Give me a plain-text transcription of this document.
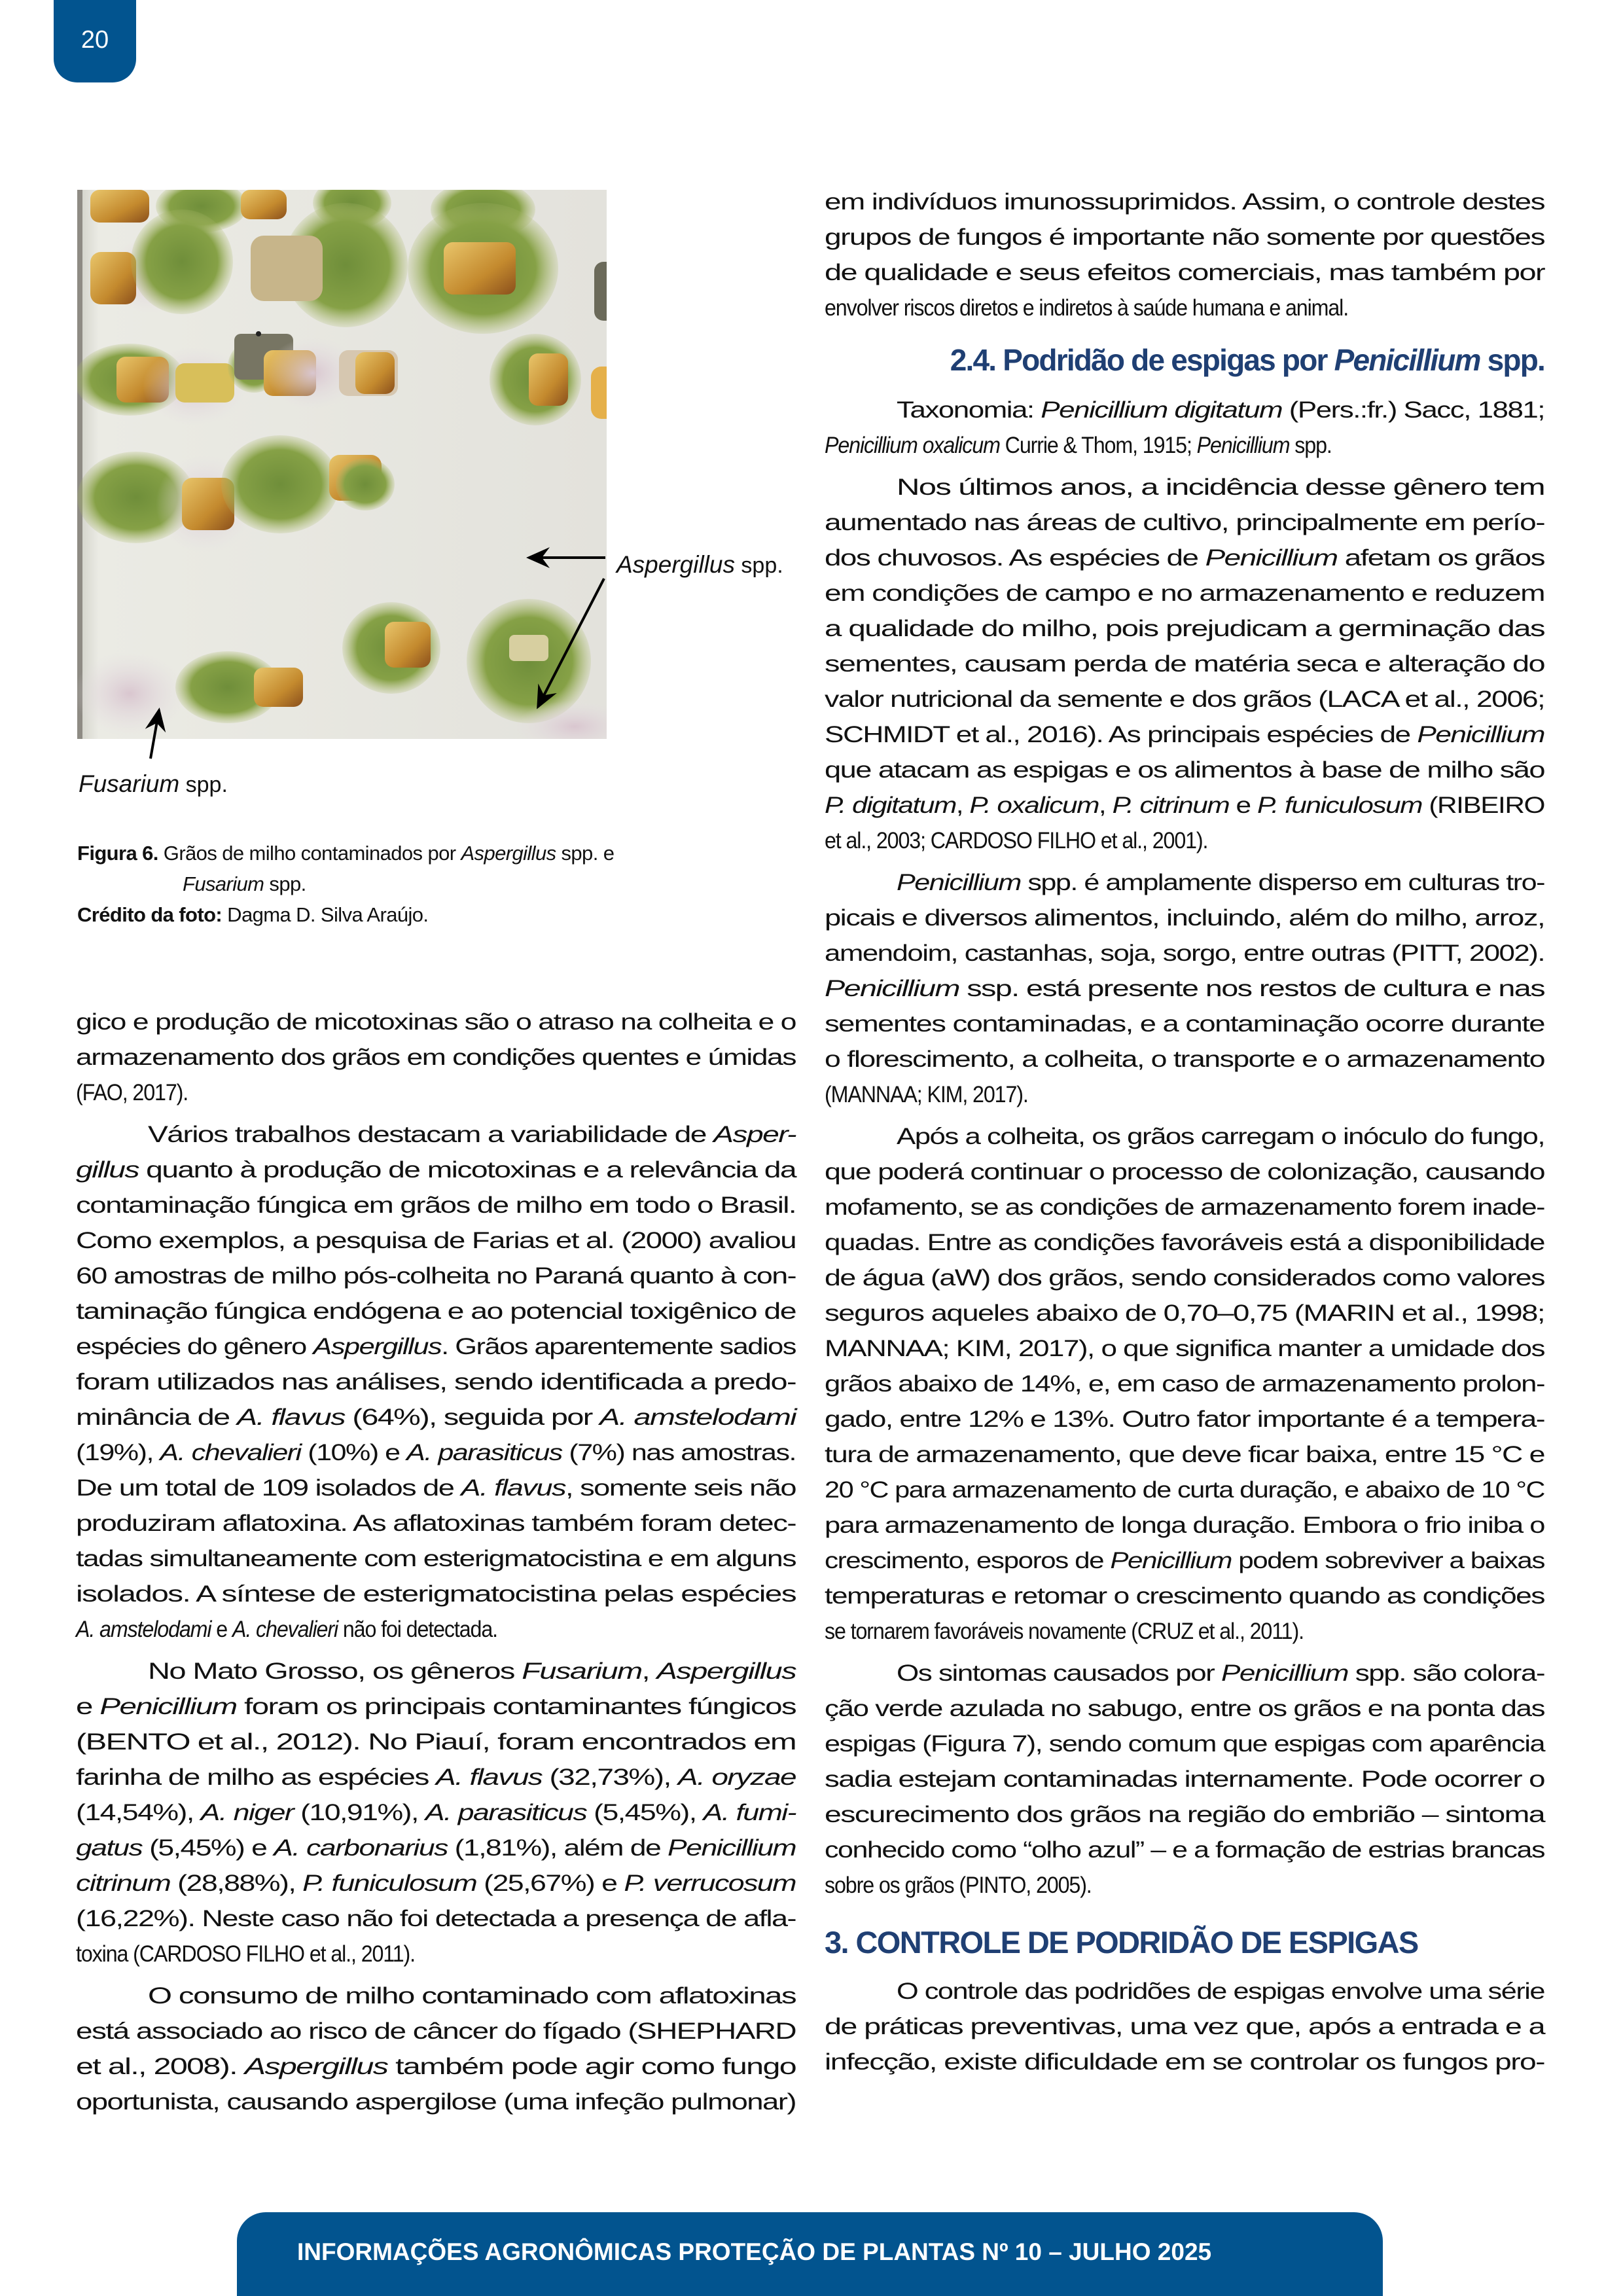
20
Aspergillus spp.
Fusarium spp.
Figura 6. Grãos de milho contaminados por Aspergillus spp. e
Fusarium spp.
Crédito da foto: Dagma D. Silva Araújo.
gico e produção de micotoxinas são o atraso na colheita e o
armazenamento dos grãos em condições quentes e úmidas
(FAO, 2017).
Vários trabalhos destacam a variabilidade de Asper-
gillus quanto à produção de micotoxinas e a relevância da
contaminação fúngica em grãos de milho em todo o Brasil.
Como exemplos, a pesquisa de Farias et al. (2000) avaliou
60 amostras de milho pós-colheita no Paraná quanto à con-
taminação fúngica endógena e ao potencial toxigênico de
espécies do gênero Aspergillus. Grãos aparentemente sadios
foram utilizados nas análises, sendo identificada a predo-
minância de A. flavus (64%), seguida por A. amstelodami
(19%), A. chevalieri (10%) e A. parasiticus (7%) nas amostras.
De um total de 109 isolados de A. flavus, somente seis não
produziram aflatoxina. As aflatoxinas também foram detec-
tadas simultaneamente com esterigmatocistina e em alguns
isolados. A síntese de esterigmatocistina pelas espécies
A. amstelodami e A. chevalieri não foi detectada.
No Mato Grosso, os gêneros Fusarium, Aspergillus
e Penicillium foram os principais contaminantes fúngicos
(BENTO et al., 2012). No Piauí, foram encontrados em
farinha de milho as espécies A. flavus (32,73%), A. oryzae
(14,54%), A. niger (10,91%), A. parasiticus (5,45%), A. fumi-
gatus (5,45%) e A. carbonarius (1,81%), além de Penicillium
citrinum (28,88%), P. funiculosum (25,67%) e P. verrucosum
(16,22%). Neste caso não foi detectada a presença de afla-
toxina (CARDOSO FILHO et al., 2011).
O consumo de milho contaminado com aflatoxinas
está associado ao risco de câncer do fígado (SHEPHARD
et al., 2008). Aspergillus também pode agir como fungo
oportunista, causando aspergilose (uma infeção pulmonar)
em indivíduos imunossuprimidos. Assim, o controle destes
grupos de fungos é importante não somente por questões
de qualidade e seus efeitos comerciais, mas também por
envolver riscos diretos e indiretos à saúde humana e animal.
2.4. Podridão de espigas por Penicillium spp.
Taxonomia: Penicillium digitatum (Pers.:fr.) Sacc, 1881;
Penicillium oxalicum Currie & Thom, 1915; Penicillium spp.
Nos últimos anos, a incidência desse gênero tem
aumentado nas áreas de cultivo, principalmente em perío-
dos chuvosos. As espécies de Penicillium afetam os grãos
em condições de campo e no armazenamento e reduzem
a qualidade do milho, pois prejudicam a germinação das
sementes, causam perda de matéria seca e alteração do
valor nutricional da semente e dos grãos (LACA et al., 2006;
SCHMIDT et al., 2016). As principais espécies de Penicillium
que atacam as espigas e os alimentos à base de milho são
P. digitatum, P. oxalicum, P. citrinum e P. funiculosum (RIBEIRO
et al., 2003; CARDOSO FILHO et al., 2001).
Penicillium spp. é amplamente disperso em culturas tro-
picais e diversos alimentos, incluindo, além do milho, arroz,
amendoim, castanhas, soja, sorgo, entre outras (PITT, 2002).
Penicillium ssp. está presente nos restos de cultura e nas
sementes contaminadas, e a contaminação ocorre durante
o florescimento, a colheita, o transporte e o armazenamento
(MANNAA; KIM, 2017).
Após a colheita, os grãos carregam o inóculo do fungo,
que poderá continuar o processo de colonização, causando
mofamento, se as condições de armazenamento forem inade-
quadas. Entre as condições favoráveis está a disponibilidade
de água (aW) dos grãos, sendo considerados como valores
seguros aqueles abaixo de 0,70–0,75 (MARIN et al., 1998;
MANNAA; KIM, 2017), o que significa manter a umidade dos
grãos abaixo de 14%, e, em caso de armazenamento prolon-
gado, entre 12% e 13%. Outro fator importante é a tempera-
tura de armazenamento, que deve ficar baixa, entre 15 °C e
20 °C para armazenamento de curta duração, e abaixo de 10 °C
para armazenamento de longa duração. Embora o frio iniba o
crescimento, esporos de Penicillium podem sobreviver a baixas
temperaturas e retomar o crescimento quando as condições
se tornarem favoráveis novamente (CRUZ et al., 2011).
Os sintomas causados por Penicillium spp. são colora-
ção verde azulada no sabugo, entre os grãos e na ponta das
espigas (Figura 7), sendo comum que espigas com aparência
sadia estejam contaminadas internamente. Pode ocorrer o
escurecimento dos grãos na região do embrião – sintoma
conhecido como “olho azul” – e a formação de estrias brancas
sobre os grãos (PINTO, 2005).
3. CONTROLE DE PODRIDÃO DE ESPIGAS
O controle das podridões de espigas envolve uma série
de práticas preventivas, uma vez que, após a entrada e a
infecção, existe dificuldade em se controlar os fungos pro-
INFORMAÇÕES AGRONÔMICAS PROTEÇÃO DE PLANTAS Nº 10 – JULHO 2025
